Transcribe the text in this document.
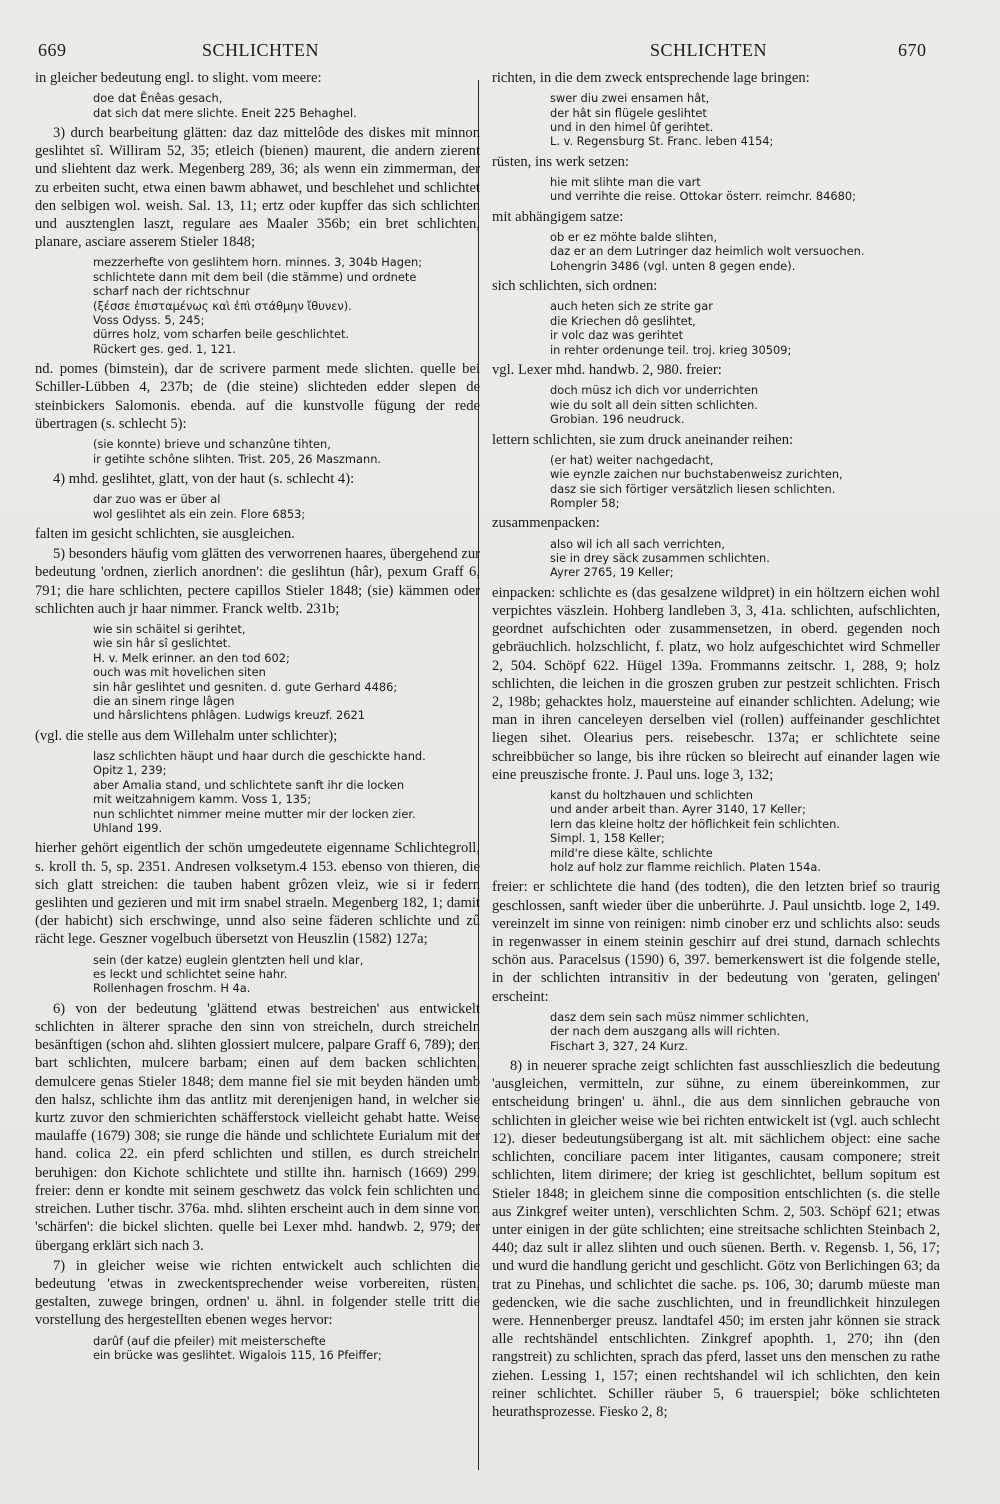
669	SCHLICHTEN	SCHLICHTEN	670

in gleicher bedeutung engl. to slight. vom meere:

doe dat Ênêas gesach,
dat sich dat mere slichte. Eneit 225 Behaghel.

3) durch bearbeitung glätten: daz daz mittelôde des diskes mit minnon geslihtet sî. Williram 52, 35; etleich (bienen) maurent, die andern zierent und sliehtent daz werk. Megenberg 289, 36; als wenn ein zimmerman, der zu erbeiten sucht, etwa einen bawm abhawet, und beschlehet und schlichtet den selbigen wol. weish. Sal. 13, 11; ertz oder kupffer das sich schlichten und ausztenglen laszt, regulare aes Maaler 356b; ein bret schlichten, planare, asciare asserem Stieler 1848;

mezzerhefte von geslihtem horn. minnes. 3, 304b Hagen;
schlichtete dann mit dem beil (die stämme) und ordnete
scharf nach der richtschnur
(ξέσσε ἐπισταμένως καὶ ἐπὶ στάθμην ἴθυνεν).
Voss Odyss. 5, 245;
dürres holz, vom scharfen beile geschlichtet.
Rückert ges. ged. 1, 121.

nd. pomes (bimstein), dar de scrivere parment mede slichten. quelle bei Schiller-Lübben 4, 237b; de (die steine) slichteden edder slepen de steinbickers Salomonis. ebenda. auf die kunstvolle fügung der rede übertragen (s. schlecht 5):

(sie konnte) brieve und schanzûne tihten,
ir getihte schône slihten. Trist. 205, 26 Maszmann.

4) mhd. geslihtet, glatt, von der haut (s. schlecht 4):

dar zuo was er über al
wol geslihtet als ein zein. Flore 6853;

falten im gesicht schlichten, sie ausgleichen.

5) besonders häufig vom glätten des verworrenen haares, übergehend zur bedeutung 'ordnen, zierlich anordnen': die geslihtun (hâr), pexum Graff 6, 791; die hare schlichten, pectere capillos Stieler 1848; (sie) kämmen oder schlichten auch jr haar nimmer. Franck weltb. 231b;

wie sin schäitel si gerihtet,
wie sin hâr sî geslichtet.
H. v. Melk erinner. an den tod 602;
ouch was mit hovelichen siten
sin hâr geslihtet und gesniten. d. gute Gerhard 4486;
die an sinem ringe lâgen
und hârslichtens phlâgen. Ludwigs kreuzf. 2621

(vgl. die stelle aus dem Willehalm unter schlichter);

lasz schlichten häupt und haar durch die geschickte hand.
Opitz 1, 239;
aber Amalia stand, und schlichtete sanft ihr die locken
mit weitzahnigem kamm. Voss 1, 135;
nun schlichtet nimmer meine mutter mir der locken zier.
Uhland 199.

hierher gehört eigentlich der schön umgedeutete eigenname Schlichtegroll, s. kroll th. 5, sp. 2351. Andresen volksetym.4 153. ebenso von thieren, die sich glatt streichen: die tauben habent grôzen vleiz, wie si ir federn geslihten und gezieren und mit irm snabel straeln. Megenberg 182, 1; damit (der habicht) sich erschwinge, unnd also seine fäderen schlichte und zû rächt lege. Geszner vogelbuch übersetzt von Heuszlin (1582) 127a;

sein (der katze) euglein glentzten hell und klar,
es leckt und schlichtet seine hahr.
Rollenhagen froschm. H 4a.

6) von der bedeutung 'glättend etwas bestreichen' aus entwickelt schlichten in älterer sprache den sinn von streicheln, durch streicheln besänftigen (schon ahd. slihten glossiert mulcere, palpare Graff 6, 789); den bart schlichten, mulcere barbam; einen auf dem backen schlichten, demulcere genas Stieler 1848; dem manne fiel sie mit beyden händen umb den halsz, schlichte ihm das antlitz mit derenjenigen hand, in welcher sie kurtz zuvor den schmierichten schäfferstock vielleicht gehabt hatte. Weise maulaffe (1679) 308; sie runge die hände und schlichtete Eurialum mit der hand. colica 22. ein pferd schlichten und stillen, es durch streicheln beruhigen: don Kichote schlichtete und stillte ihn. harnisch (1669) 299. freier: denn er kondte mit seinem geschwetz das volck fein schlichten und streichen. Luther tischr. 376a. mhd. slihten erscheint auch in dem sinne von 'schärfen': die bickel slichten. quelle bei Lexer mhd. handwb. 2, 979; der übergang erklärt sich nach 3.

7) in gleicher weise wie richten entwickelt auch schlichten die bedeutung 'etwas in zweckentsprechender weise vorbereiten, rüsten, gestalten, zuwege bringen, ordnen' u. ähnl. in folgender stelle tritt die vorstellung des hergestellten ebenen weges hervor:

darûf (auf die pfeiler) mit meisterschefte
ein brücke was geslihtet. Wigalois 115, 16 Pfeiffer;

richten, in die dem zweck entsprechende lage bringen:

swer diu zwei ensamen hât,
der hât sin flügele geslihtet
und in den himel ûf gerihtet.
L. v. Regensburg St. Franc. leben 4154;

rüsten, ins werk setzen:

hie mit slihte man die vart
und verrihte die reise. Ottokar österr. reimchr. 84680;

mit abhängigem satze:

ob er ez möhte balde slihten,
daz er an dem Lutringer daz heimlich wolt versuochen.
Lohengrin 3486 (vgl. unten 8 gegen ende).

sich schlichten, sich ordnen:

auch heten sich ze strite gar
die Kriechen dô geslihtet,
ir volc daz was gerihtet
in rehter ordenunge teil. troj. krieg 30509;

vgl. Lexer mhd. handwb. 2, 980. freier:

doch müsz ich dich vor underrichten
wie du solt all dein sitten schlichten.
Grobian. 196 neudruck.

lettern schlichten, sie zum druck aneinander reihen:

(er hat) weiter nachgedacht,
wie eynzle zaichen nur buchstabenweisz zurichten,
dasz sie sich förtiger versätzlich liesen schlichten.
Rompler 58;

zusammenpacken:

also wil ich all sach verrichten,
sie in drey säck zusammen schlichten.
Ayrer 2765, 19 Keller;

einpacken: schlichte es (das gesalzene wildpret) in ein höltzern eichen wohl verpichtes väszlein. Hohberg landleben 3, 3, 41a. schlichten, aufschlichten, geordnet aufschichten oder zusammensetzen, in oberd. gegenden noch gebräuchlich. holzschlicht, f. platz, wo holz aufgeschichtet wird Schmeller 2, 504. Schöpf 622. Hügel 139a. Frommanns zeitschr. 1, 288, 9; holz schlichten, die leichen in die groszen gruben zur pestzeit schlichten. Frisch 2, 198b; gehacktes holz, mauersteine auf einander schlichten. Adelung; wie man in ihren canceleyen derselben viel (rollen) auffeinander geschlichtet liegen sihet. Olearius pers. reisebeschr. 137a; er schlichtete seine schreibbücher so lange, bis ihre rücken so bleirecht auf einander lagen wie eine preuszische fronte. J. Paul uns. loge 3, 132;

kanst du holtzhauen und schlichten
und ander arbeit than. Ayrer 3140, 17 Keller;
lern das kleine holtz der höflichkeit fein schlichten.
Simpl. 1, 158 Keller;
mild're diese kälte, schlichte
holz auf holz zur flamme reichlich. Platen 154a.

freier: er schlichtete die hand (des todten), die den letzten brief so traurig geschlossen, sanft wieder über die unberührte. J. Paul unsichtb. loge 2, 149. vereinzelt im sinne von reinigen: nimb cinober erz und schlichts also: seuds in regenwasser in einem steinin geschirr auf drei stund, darnach schlechts schön aus. Paracelsus (1590) 6, 397. bemerkenswert ist die folgende stelle, in der schlichten intransitiv in der bedeutung von 'geraten, gelingen' erscheint:

dasz dem sein sach müsz nimmer schlichten,
der nach dem auszgang alls will richten.
Fischart 3, 327, 24 Kurz.

8) in neuerer sprache zeigt schlichten fast ausschlieszlich die bedeutung 'ausgleichen, vermitteln, zur sühne, zu einem übereinkommen, zur entscheidung bringen' u. ähnl., die aus dem sinnlichen gebrauche von schlichten in gleicher weise wie bei richten entwickelt ist (vgl. auch schlecht 12). dieser bedeutungsübergang ist alt. mit sächlichem object: eine sache schlichten, conciliare pacem inter litigantes, causam componere; streit schlichten, litem dirimere; der krieg ist geschlichtet, bellum sopitum est Stieler 1848; in gleichem sinne die composition entschlichten (s. die stelle aus Zinkgref weiter unten), verschlichten Schm. 2, 503. Schöpf 621; etwas unter einigen in der güte schlichten; eine streitsache schlichten Steinbach 2, 440; daz sult ir allez slihten und ouch süenen. Berth. v. Regensb. 1, 56, 17; und wurd die handlung gericht und geschlicht. Götz von Berlichingen 63; da trat zu Pinehas, und schlichtet die sache. ps. 106, 30; darumb müeste man gedencken, wie die sache zuschlichten, und in freundlichkeit hinzulegen were. Hennenberger preusz. landtafel 450; im ersten jahr können sie strack alle rechtshändel entschlichten. Zinkgref apophth. 1, 270; ihn (den rangstreit) zu schlichten, sprach das pferd, lasset uns den menschen zu rathe ziehen. Lessing 1, 157; einen rechtshandel wil ich schlichten, den kein reiner schlichtet. Schiller räuber 5, 6 trauerspiel; böke schlichteten heurathsprozesse. Fiesko 2, 8;
